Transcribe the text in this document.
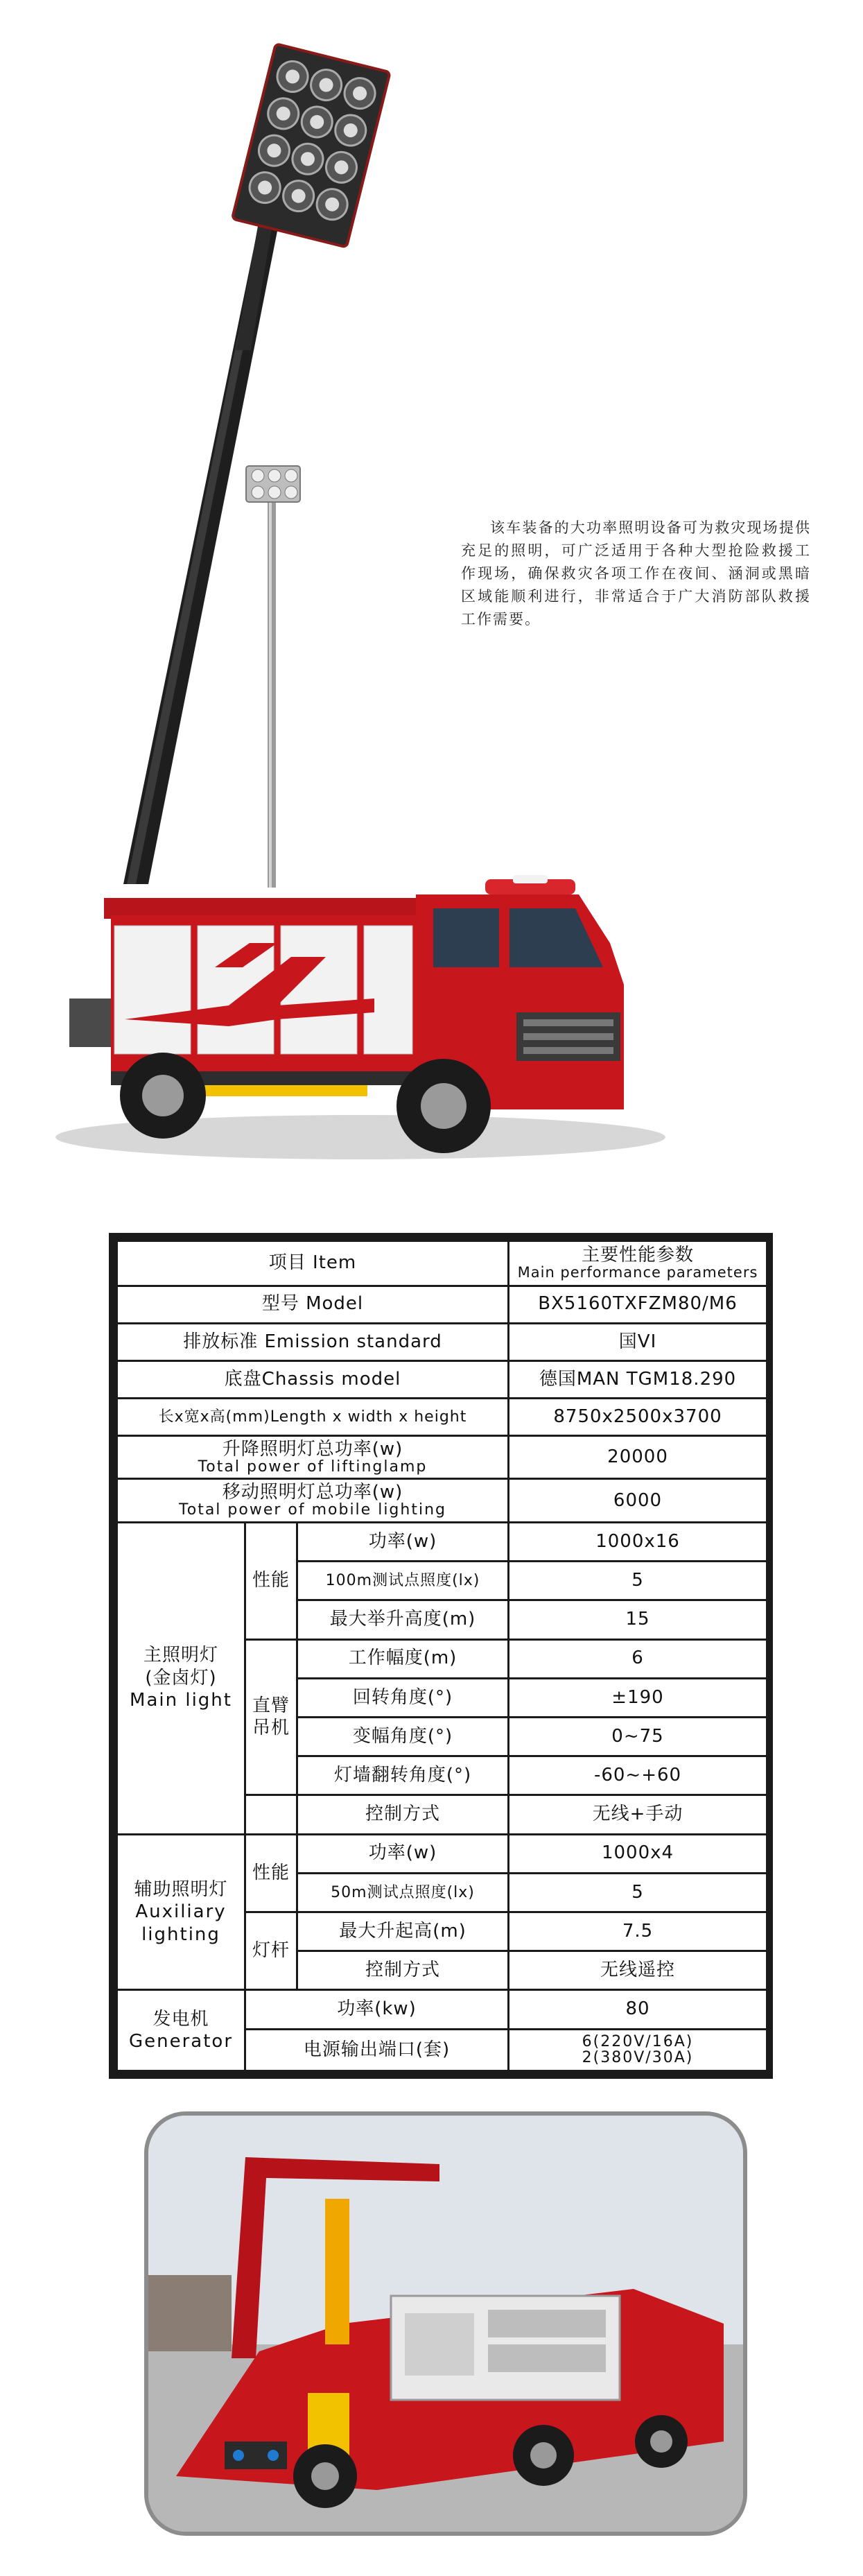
该车装备的大功率照明设备可为救灾现场提供充足的照明，可广泛适用于各种大型抢险救援工作现场，确保救灾各项工作在夜间、涵洞或黑暗区域能顺利进行，非常适合于广大消防部队救援工作需要。

项目 Item			主要性能参数
Main performance parameters

型号 Model			BX5160TXFZM80/M6
排放标准 Emission standard			国VI
底盘Chassis model			德国MAN TGM18.290
长x宽x高(mm)Length x width x height			8750x2500x3700

升降照明灯总功率(w)
Total power of liftinglamp			20000

移动照明灯总功率(w)
Total power of mobile lighting			6000

主照明灯
(金卤灯)
Main light	性能	功率(w)	1000x16
		100m测试点照度(lx)	5
		最大举升高度(m)	15

	直臂
吊机	工作幅度(m)	6
		回转角度(°)	±190
		变幅角度(°)	0~75
		灯墙翻转角度(°)	-60~+60
		控制方式	无线+手动

辅助照明灯
Auxiliary
lighting	性能	功率(w)	1000x4
		50m测试点照度(lx)	5
	灯杆	最大升起高(m)	7.5
		控制方式	无线遥控

发电机
Generator	功率(kw)		80
	电源输出端口(套)		6(220V/16A)
2(380V/30A)
